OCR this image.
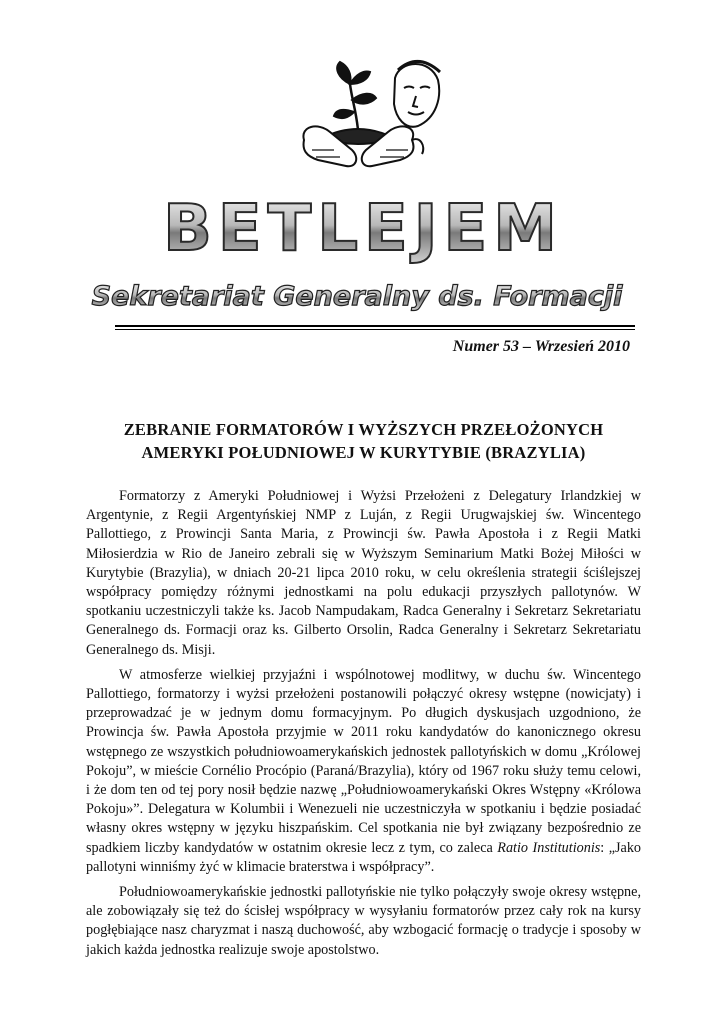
BETLEJEM
Sekretariat Generalny ds. Formacji
Numer 53 – Wrzesień 2010
ZEBRANIE FORMATORÓW I WYŻSZYCH PRZEŁOŻONYCH
AMERYKI POŁUDNIOWEJ W KURYTYBIE (BRAZYLIA)

Formatorzy z Ameryki Południowej i Wyżsi Przełożeni z Delegatury Irlandzkiej w Argentynie, z Regii Argentyńskiej NMP z Luján, z Regii Urugwajskiej św. Wincentego Pallottiego, z Prowincji Santa Maria, z Prowincji św. Pawła Apostoła i z Regii Matki Miłosierdzia w Rio de Janeiro zebrali się w Wyższym Seminarium Matki Bożej Miłości w Kurytybie (Brazylia), w dniach 20-21 lipca 2010 roku, w celu określenia strategii ściślejszej współpracy pomiędzy różnymi jednostkami na polu edukacji przyszłych pallotynów. W spotkaniu uczestniczyli także ks. Jacob Nampudakam, Radca Generalny i Sekretarz Sekretariatu Generalnego ds. Formacji oraz ks. Gilberto Orsolin, Radca Generalny i Sekretarz Sekretariatu Generalnego ds. Misji.

W atmosferze wielkiej przyjaźni i wspólnotowej modlitwy, w duchu św. Wincentego Pallottiego, formatorzy i wyżsi przełożeni postanowili połączyć okresy wstępne (nowicjaty) i przeprowadzać je w jednym domu formacyjnym. Po długich dyskusjach uzgodniono, że Prowincja św. Pawła Apostoła przyjmie w 2011 roku kandydatów do kanonicznego okresu wstępnego ze wszystkich południowoamerykańskich jednostek pallotyńskich w domu „Królowej Pokoju”, w mieście Cornélio Procópio (Paraná/Brazylia), który od 1967 roku służy temu celowi, i że dom ten od tej pory nosił będzie nazwę „Południowoamerykański Okres Wstępny «Królowa Pokoju»”. Delegatura w Kolumbii i Wenezueli nie uczestniczyła w spotkaniu i będzie posiadać własny okres wstępny w języku hiszpańskim. Cel spotkania nie był związany bezpośrednio ze spadkiem liczby kandydatów w ostatnim okresie lecz z tym, co zaleca Ratio Institutionis: „Jako pallotyni winniśmy żyć w klimacie braterstwa i współpracy”.

Południowoamerykańskie jednostki pallotyńskie nie tylko połączyły swoje okresy wstępne, ale zobowiązały się też do ścisłej współpracy w wysyłaniu formatorów przez cały rok na kursy pogłębiające nasz charyzmat i naszą duchowość, aby wzbogacić formację o tradycje i sposoby w jakich każda jednostka realizuje swoje apostolstwo.
